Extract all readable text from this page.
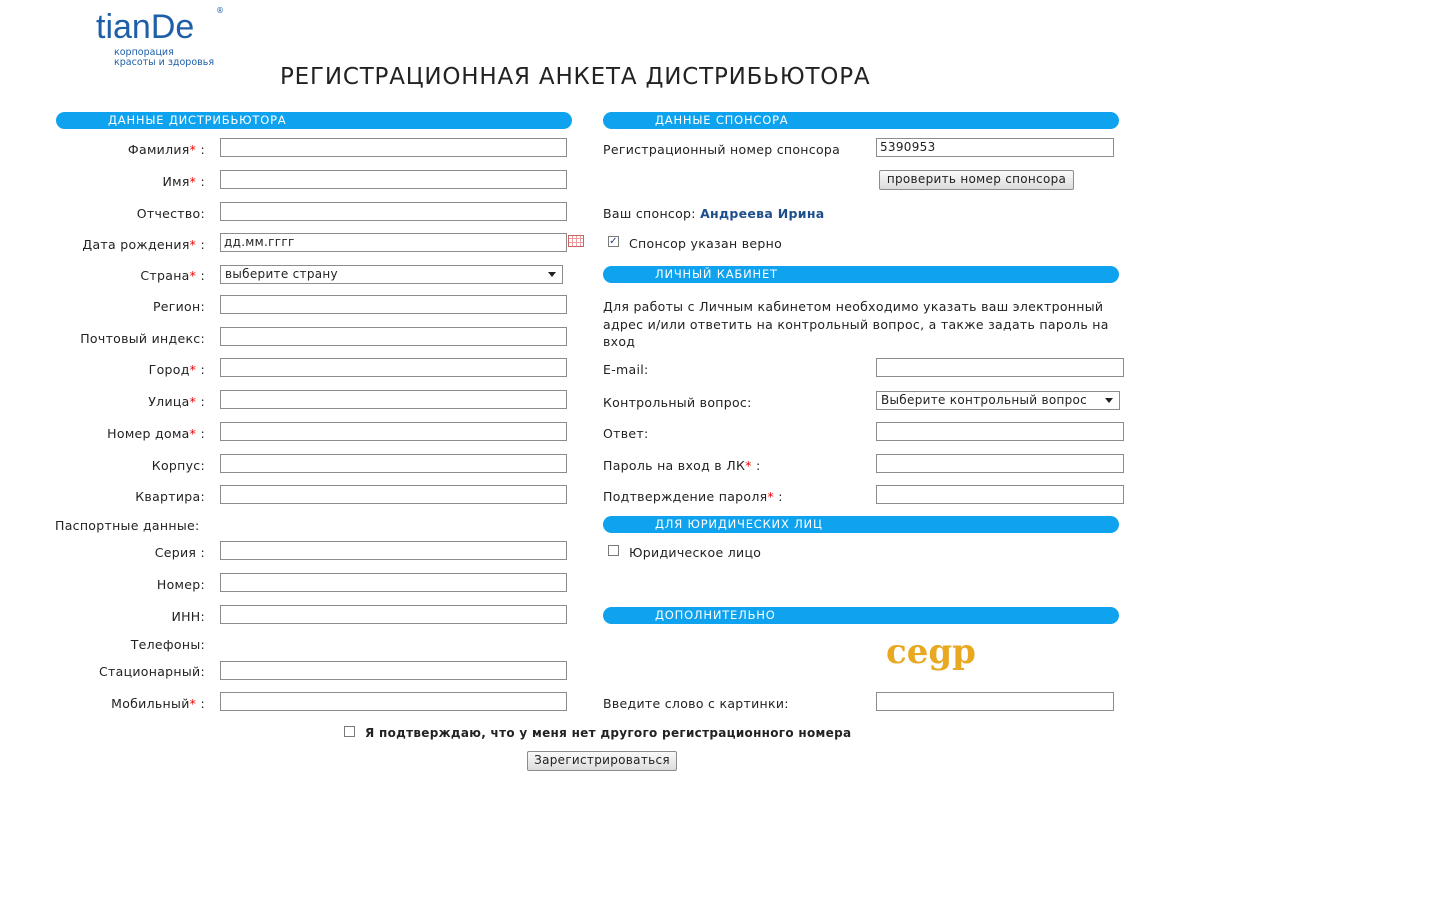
tianDe	®
корпорация
красоты и здоровья
РЕГИСТРАЦИОННАЯ АНКЕТА ДИСТРИБЬЮТОРА
ДАННЫЕ ДИСТРИБЬЮТОРА
Фамилия* :
Имя* :
Отчество:
Дата рождения* :	дд.мм.гггг
Страна* :	выберите страну
Регион:
Почтовый индекс:
Город* :
Улица* :
Номер дома* :
Корпус:
Квартира:
Паспортные данные:
Серия :
Номер:
ИНН:
Телефоны:
Стационарный:
Мобильный* :
ДАННЫЕ СПОНСОРА
Регистрационный номер спонсора	5390953
проверить номер спонсора
Ваш спонсор: Андреева Ирина
✓ Спонсор указан верно
ЛИЧНЫЙ КАБИНЕТ
Для работы с Личным кабинетом необходимо указать ваш электронный
адрес и/или ответить на контрольный вопрос, а также задать пароль на
вход
E-mail:
Контрольный вопрос:	Выберите контрольный вопрос
Ответ:
Пароль на вход в ЛК* :
Подтверждение пароля* :
ДЛЯ ЮРИДИЧЕСКИХ ЛИЦ
Юридическое лицо
ДОПОЛНИТЕЛЬНО
cegp
Введите слово с картинки:
Я подтверждаю, что у меня нет другого регистрационного номера
Зарегистрироваться
